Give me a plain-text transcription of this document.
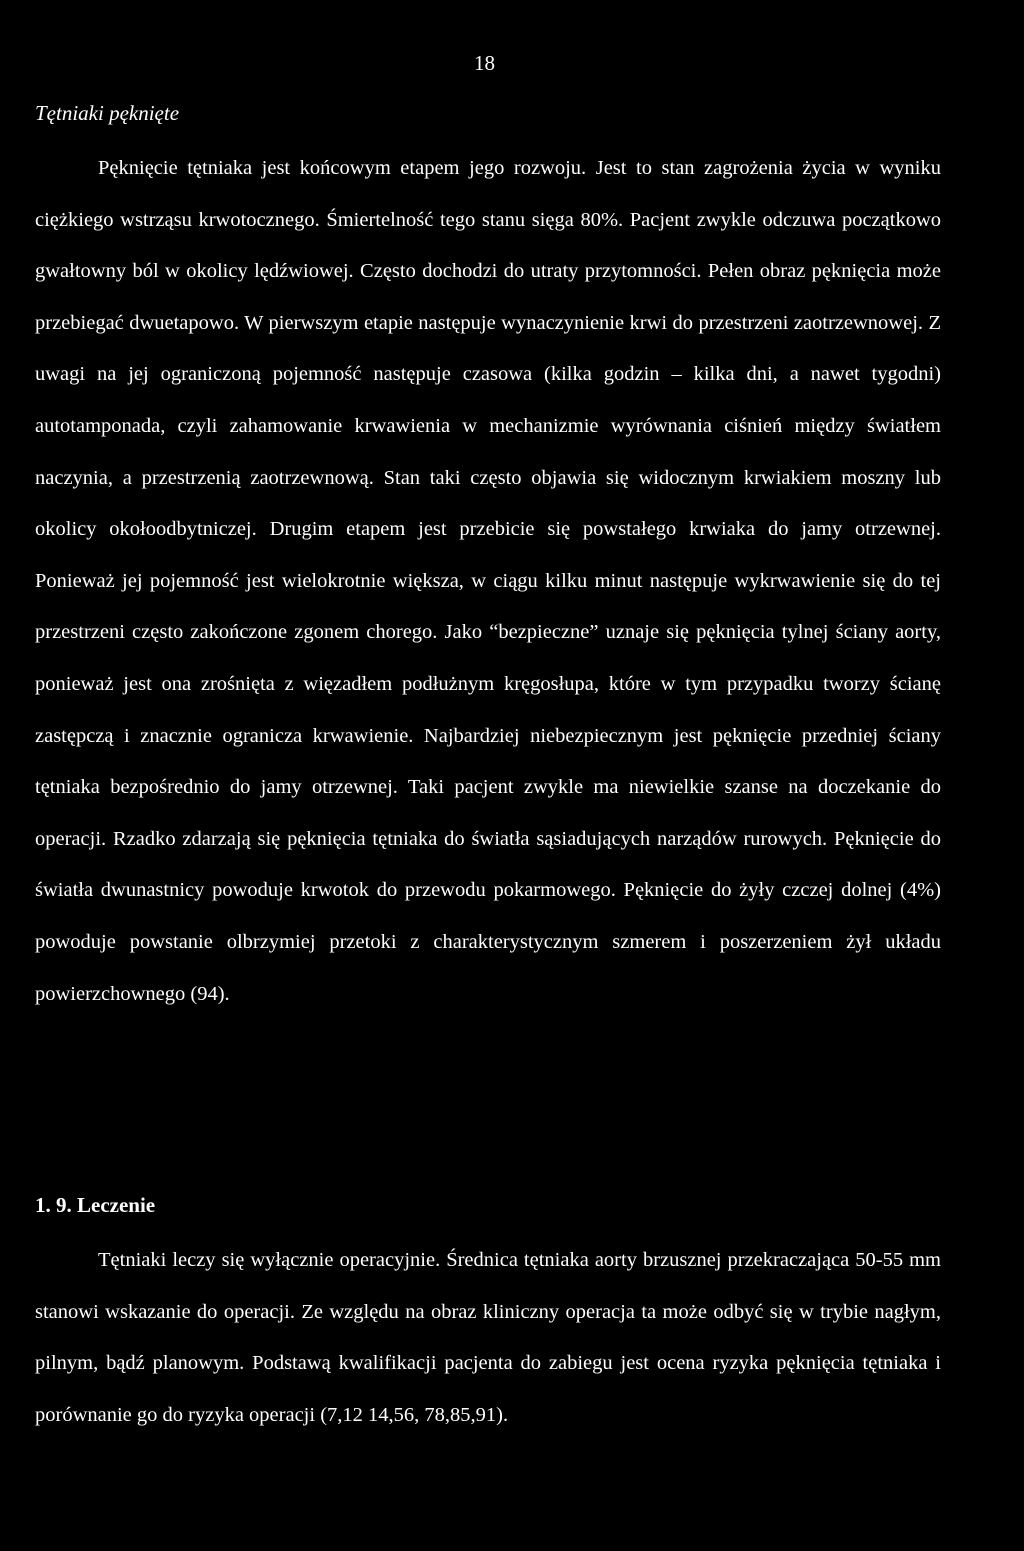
18
Tętniaki pęknięte

Pęknięcie tętniaka jest końcowym etapem jego rozwoju. Jest to stan zagrożenia życia w wyniku ciężkiego wstrząsu krwotocznego. Śmiertelność tego stanu sięga 80%. Pacjent zwykle odczuwa początkowo gwałtowny ból w okolicy lędźwiowej. Często dochodzi do utraty przytomności. Pełen obraz pęknięcia może przebiegać dwuetapowo. W pierwszym etapie następuje wynaczynienie krwi do przestrzeni zaotrzewnowej. Z uwagi na jej ograniczoną pojemność następuje czasowa (kilka godzin – kilka dni, a nawet tygodni) autotamponada, czyli zahamowanie krwawienia w mechanizmie wyrównania ciśnień między światłem naczynia, a przestrzenią zaotrzewnową. Stan taki często objawia się widocznym krwiakiem moszny lub okolicy okołoodbytniczej. Drugim etapem jest przebicie się powstałego krwiaka do jamy otrzewnej. Ponieważ jej pojemność jest wielokrotnie większa, w ciągu kilku minut następuje wykrwawienie się do tej przestrzeni często zakończone zgonem chorego. Jako “bezpieczne” uznaje się pęknięcia tylnej ściany aorty, ponieważ jest ona zrośnięta z więzadłem podłużnym kręgosłupa, które w tym przypadku tworzy ścianę zastępczą i znacznie ogranicza krwawienie. Najbardziej niebezpiecznym jest pęknięcie przedniej ściany tętniaka bezpośrednio do jamy otrzewnej. Taki pacjent zwykle ma niewielkie szanse na doczekanie do operacji. Rzadko zdarzają się pęknięcia tętniaka do światła sąsiadujących narządów rurowych. Pęknięcie do światła dwunastnicy powoduje krwotok do przewodu pokarmowego. Pęknięcie do żyły czczej dolnej (4%) powoduje powstanie olbrzymiej przetoki z charakterystycznym szmerem i poszerzeniem żył układu powierzchownego (94).

1. 9. Leczenie

Tętniaki leczy się wyłącznie operacyjnie. Średnica tętniaka aorty brzusznej przekraczająca 50-55 mm stanowi wskazanie do operacji. Ze względu na obraz kliniczny operacja ta może odbyć się w trybie nagłym, pilnym, bądź planowym. Podstawą kwalifikacji pacjenta do zabiegu jest ocena ryzyka pęknięcia tętniaka i porównanie go do ryzyka operacji (7,12 14,56, 78,85,91).
